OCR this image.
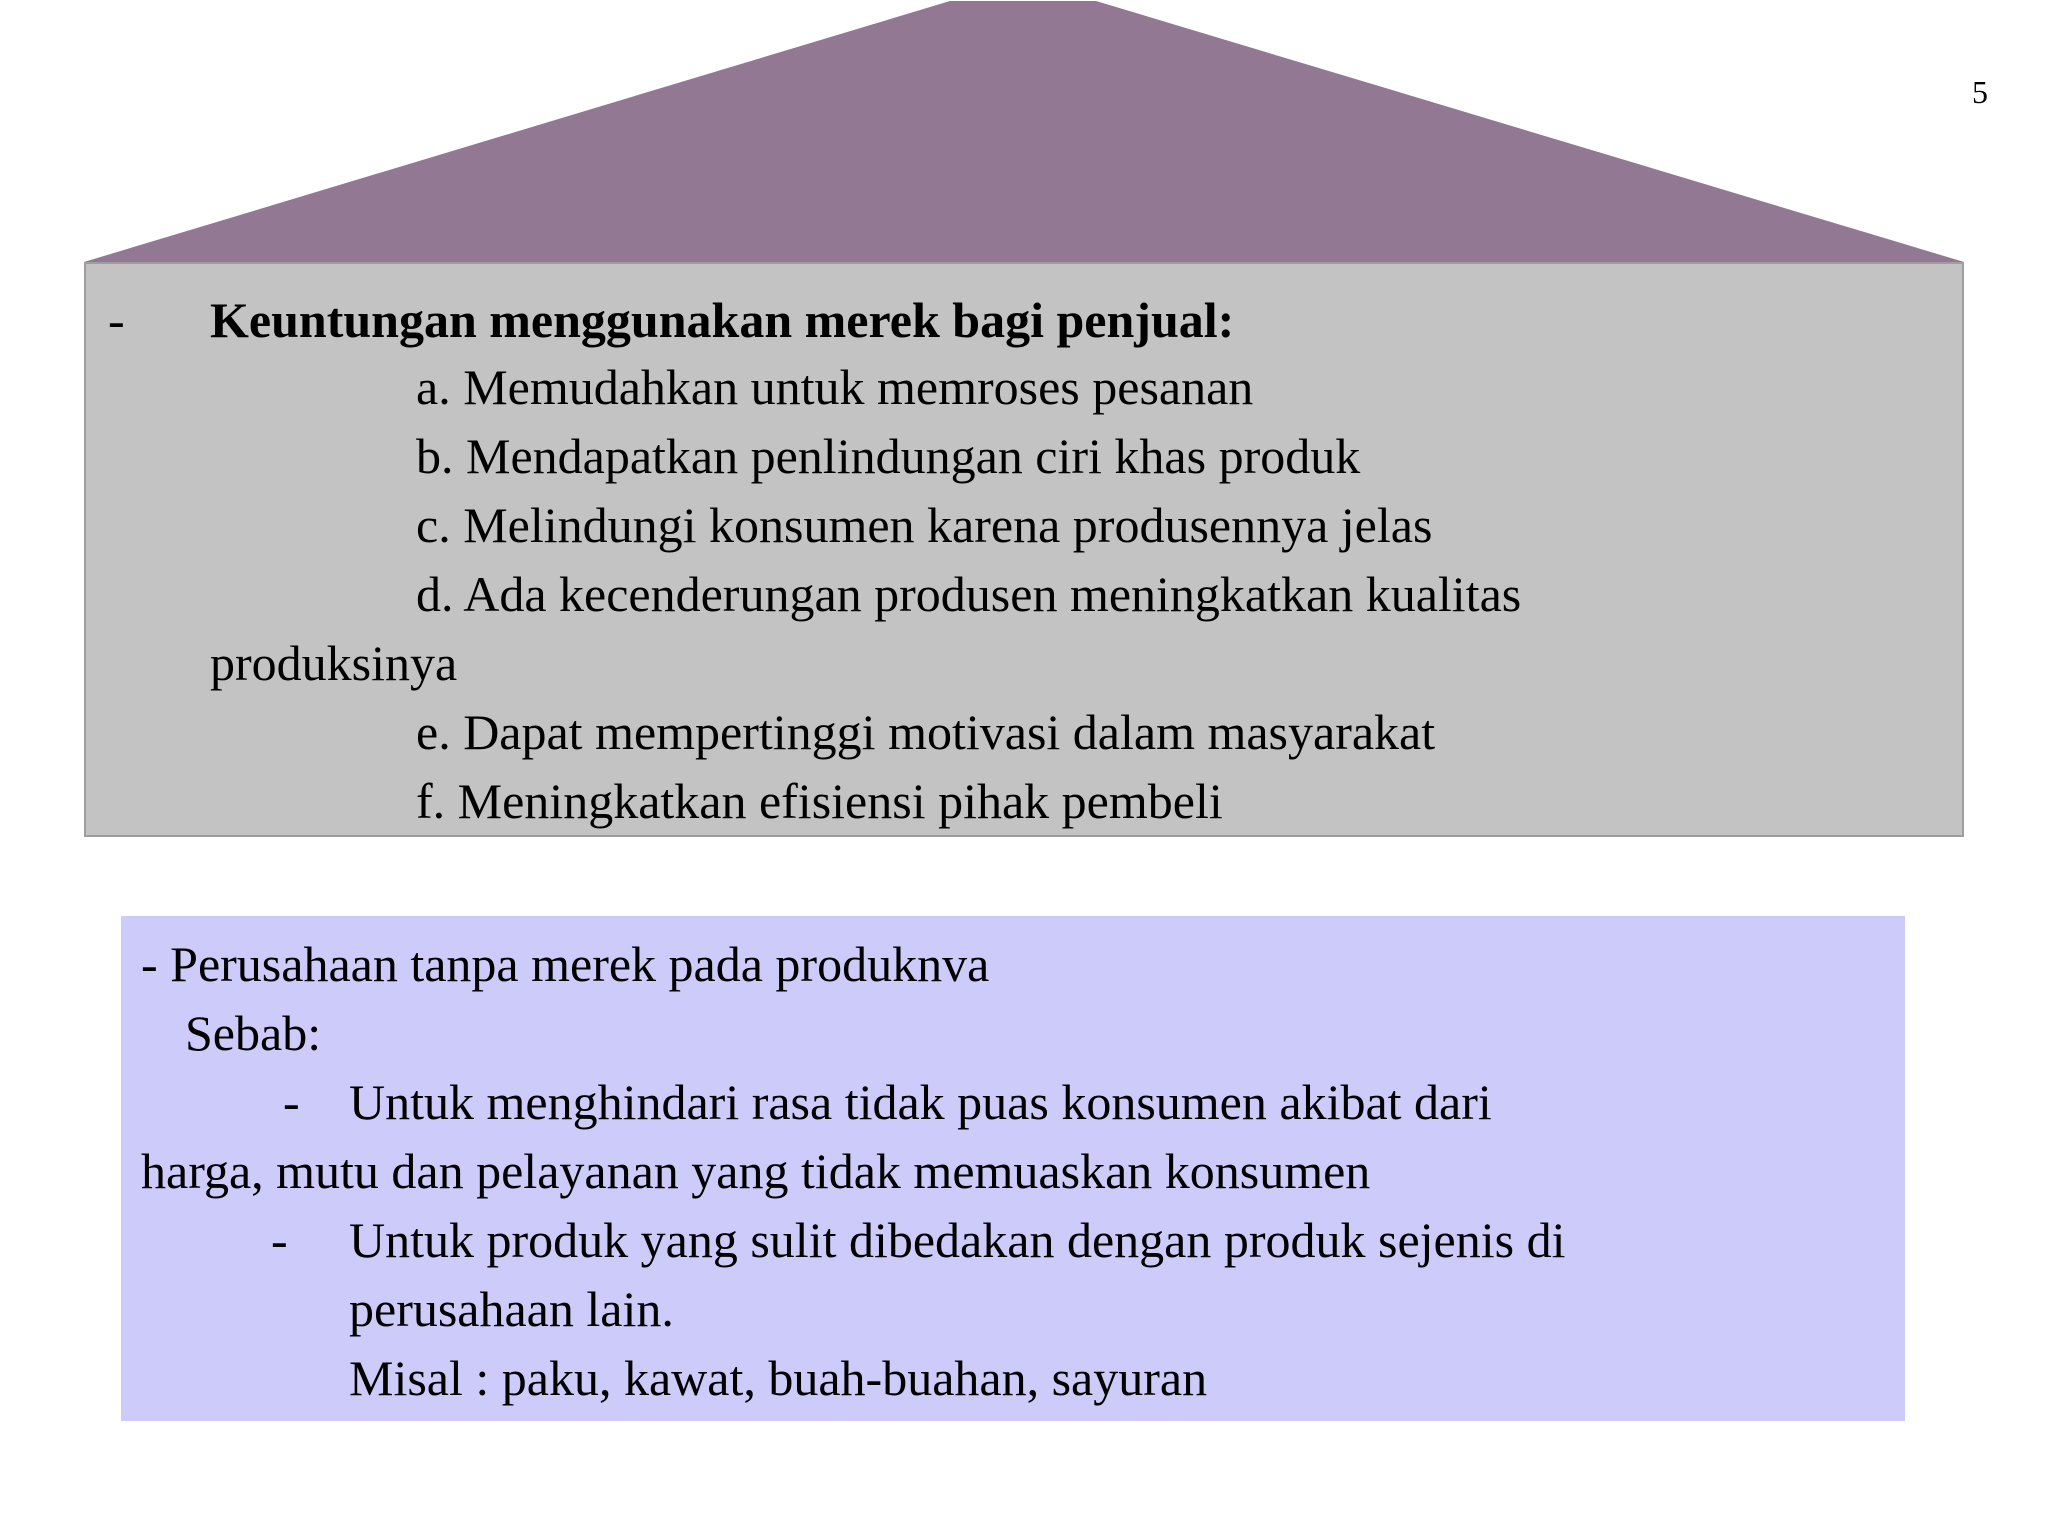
5
- Keuntungan menggunakan merek bagi penjual:
a. Memudahkan untuk memroses pesanan
b. Mendapatkan penlindungan ciri khas produk
c. Melindungi konsumen karena produsennya jelas
d. Ada kecenderungan produsen meningkatkan kualitas
produksinya
e. Dapat mempertinggi motivasi dalam masyarakat
f. Meningkatkan efisiensi pihak pembeli
- Perusahaan tanpa merek pada produknva
Sebab:
- Untuk menghindari rasa tidak puas konsumen akibat dari
harga, mutu dan pelayanan yang tidak memuaskan konsumen
- Untuk produk yang sulit dibedakan dengan produk sejenis di
perusahaan lain.
Misal : paku, kawat, buah-buahan, sayuran
